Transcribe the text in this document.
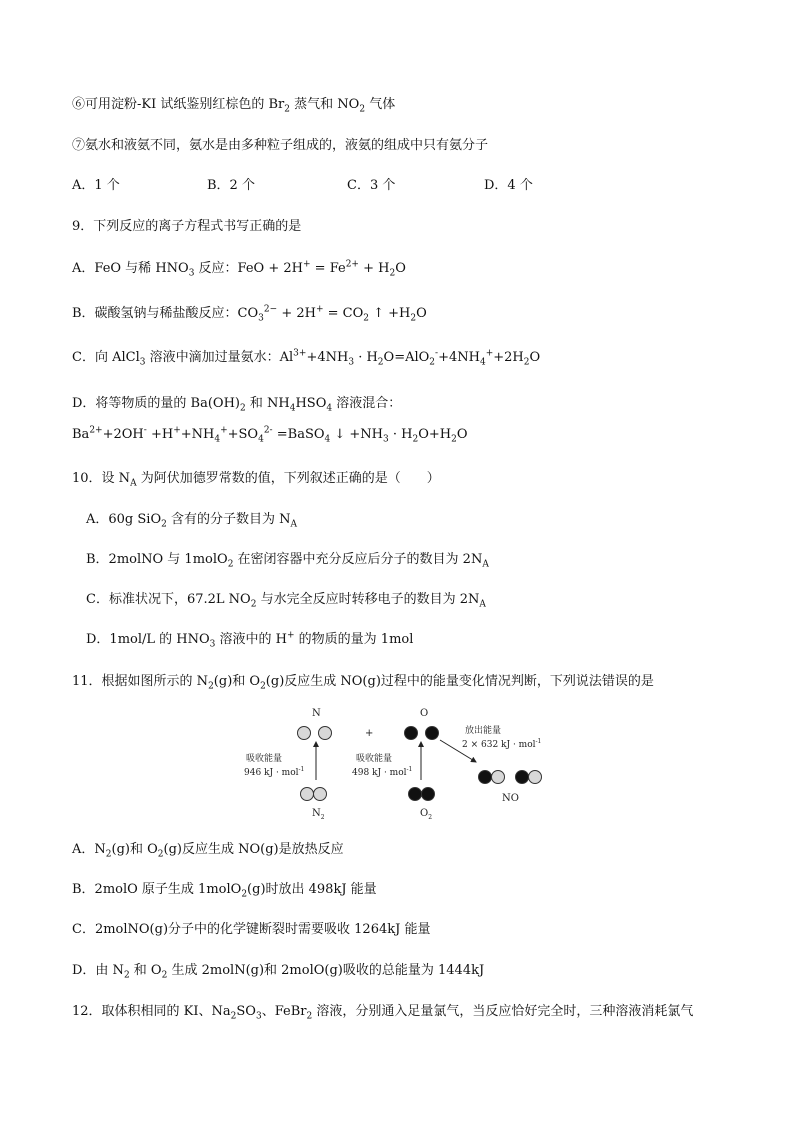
⑥可用淀粉-KI 试纸鉴别红棕色的 $Br_2$ 蒸气和 $NO_2$ 气体
⑦氨水和液氨不同，氨水是由多种粒子组成的，液氨的组成中只有氨分子
A．1 个	B．2 个	C．3 个	D．4 个
9．下列反应的离子方程式书写正确的是
A．FeO 与稀 $HNO_3$ 反应：FeO + $2H^+ = Fe^{2+} + H_2O$
B．碳酸氢钠与稀盐酸反应：$CO_3^{2-} + 2H^+ = CO_2$ ↑ $+H_2O$
C．向 AlCl$_3$ 溶液中滴加过量氨水：$Al^{3+}+4NH_3 \cdot H_2O=AlO_2^-+4NH_4^++2H_2O$
D．将等物质的量的 $Ba(OH)_2$ 和 $NH_4HSO_4$ 溶液混合：
$Ba^{2+}+2OH^- +H^++NH_4^++SO_4^{2-}$ =BaSO$_4$ ↓ $+NH_3 \cdot H_2O+H_2O$
10．设 $N_A$ 为阿伏加德罗常数的值，下列叙述正确的是（　　）
A．60g SiO$_2$ 含有的分子数目为 $N_A$
B．2molNO 与 1molO$_2$ 在密闭容器中充分反应后分子的数目为 $2N_A$
C．标准状况下，67.2L $NO_2$ 与水完全反应时转移电子的数目为 $2N_A$
D．1mol/L 的 $HNO_3$ 溶液中的 H+ 的物质的量为 1mol
11．根据如图所示的 $N_2(g)$和 $O_2(g)$反应生成 NO(g)过程中的能量变化情况判断，下列说法错误的是
N
+
O
吸收能量
946 kJ · mol$^{-1}$
吸收能量
498 kJ · mol$^{-1}$
放出能量
2 × 632 kJ · mol$^{-1}$
$N_2$	$O_2$
NO
A．$N_2(g)$和 $O_2(g)$反应生成 NO(g)是放热反应
B．2molO 原子生成 1molO$_2$(g)时放出 498kJ 能量
C．2molNO(g)分子中的化学键断裂时需要吸收 1264kJ 能量
D．由 $N_2$ 和 $O_2$ 生成 2molN(g)和 2molO(g)吸收的总能量为 1444kJ
12．取体积相同的 KI、$Na_2SO_3$、FeBr$_2$ 溶液，分别通入足量氯气，当反应恰好完全时，三种溶液消耗氯气
